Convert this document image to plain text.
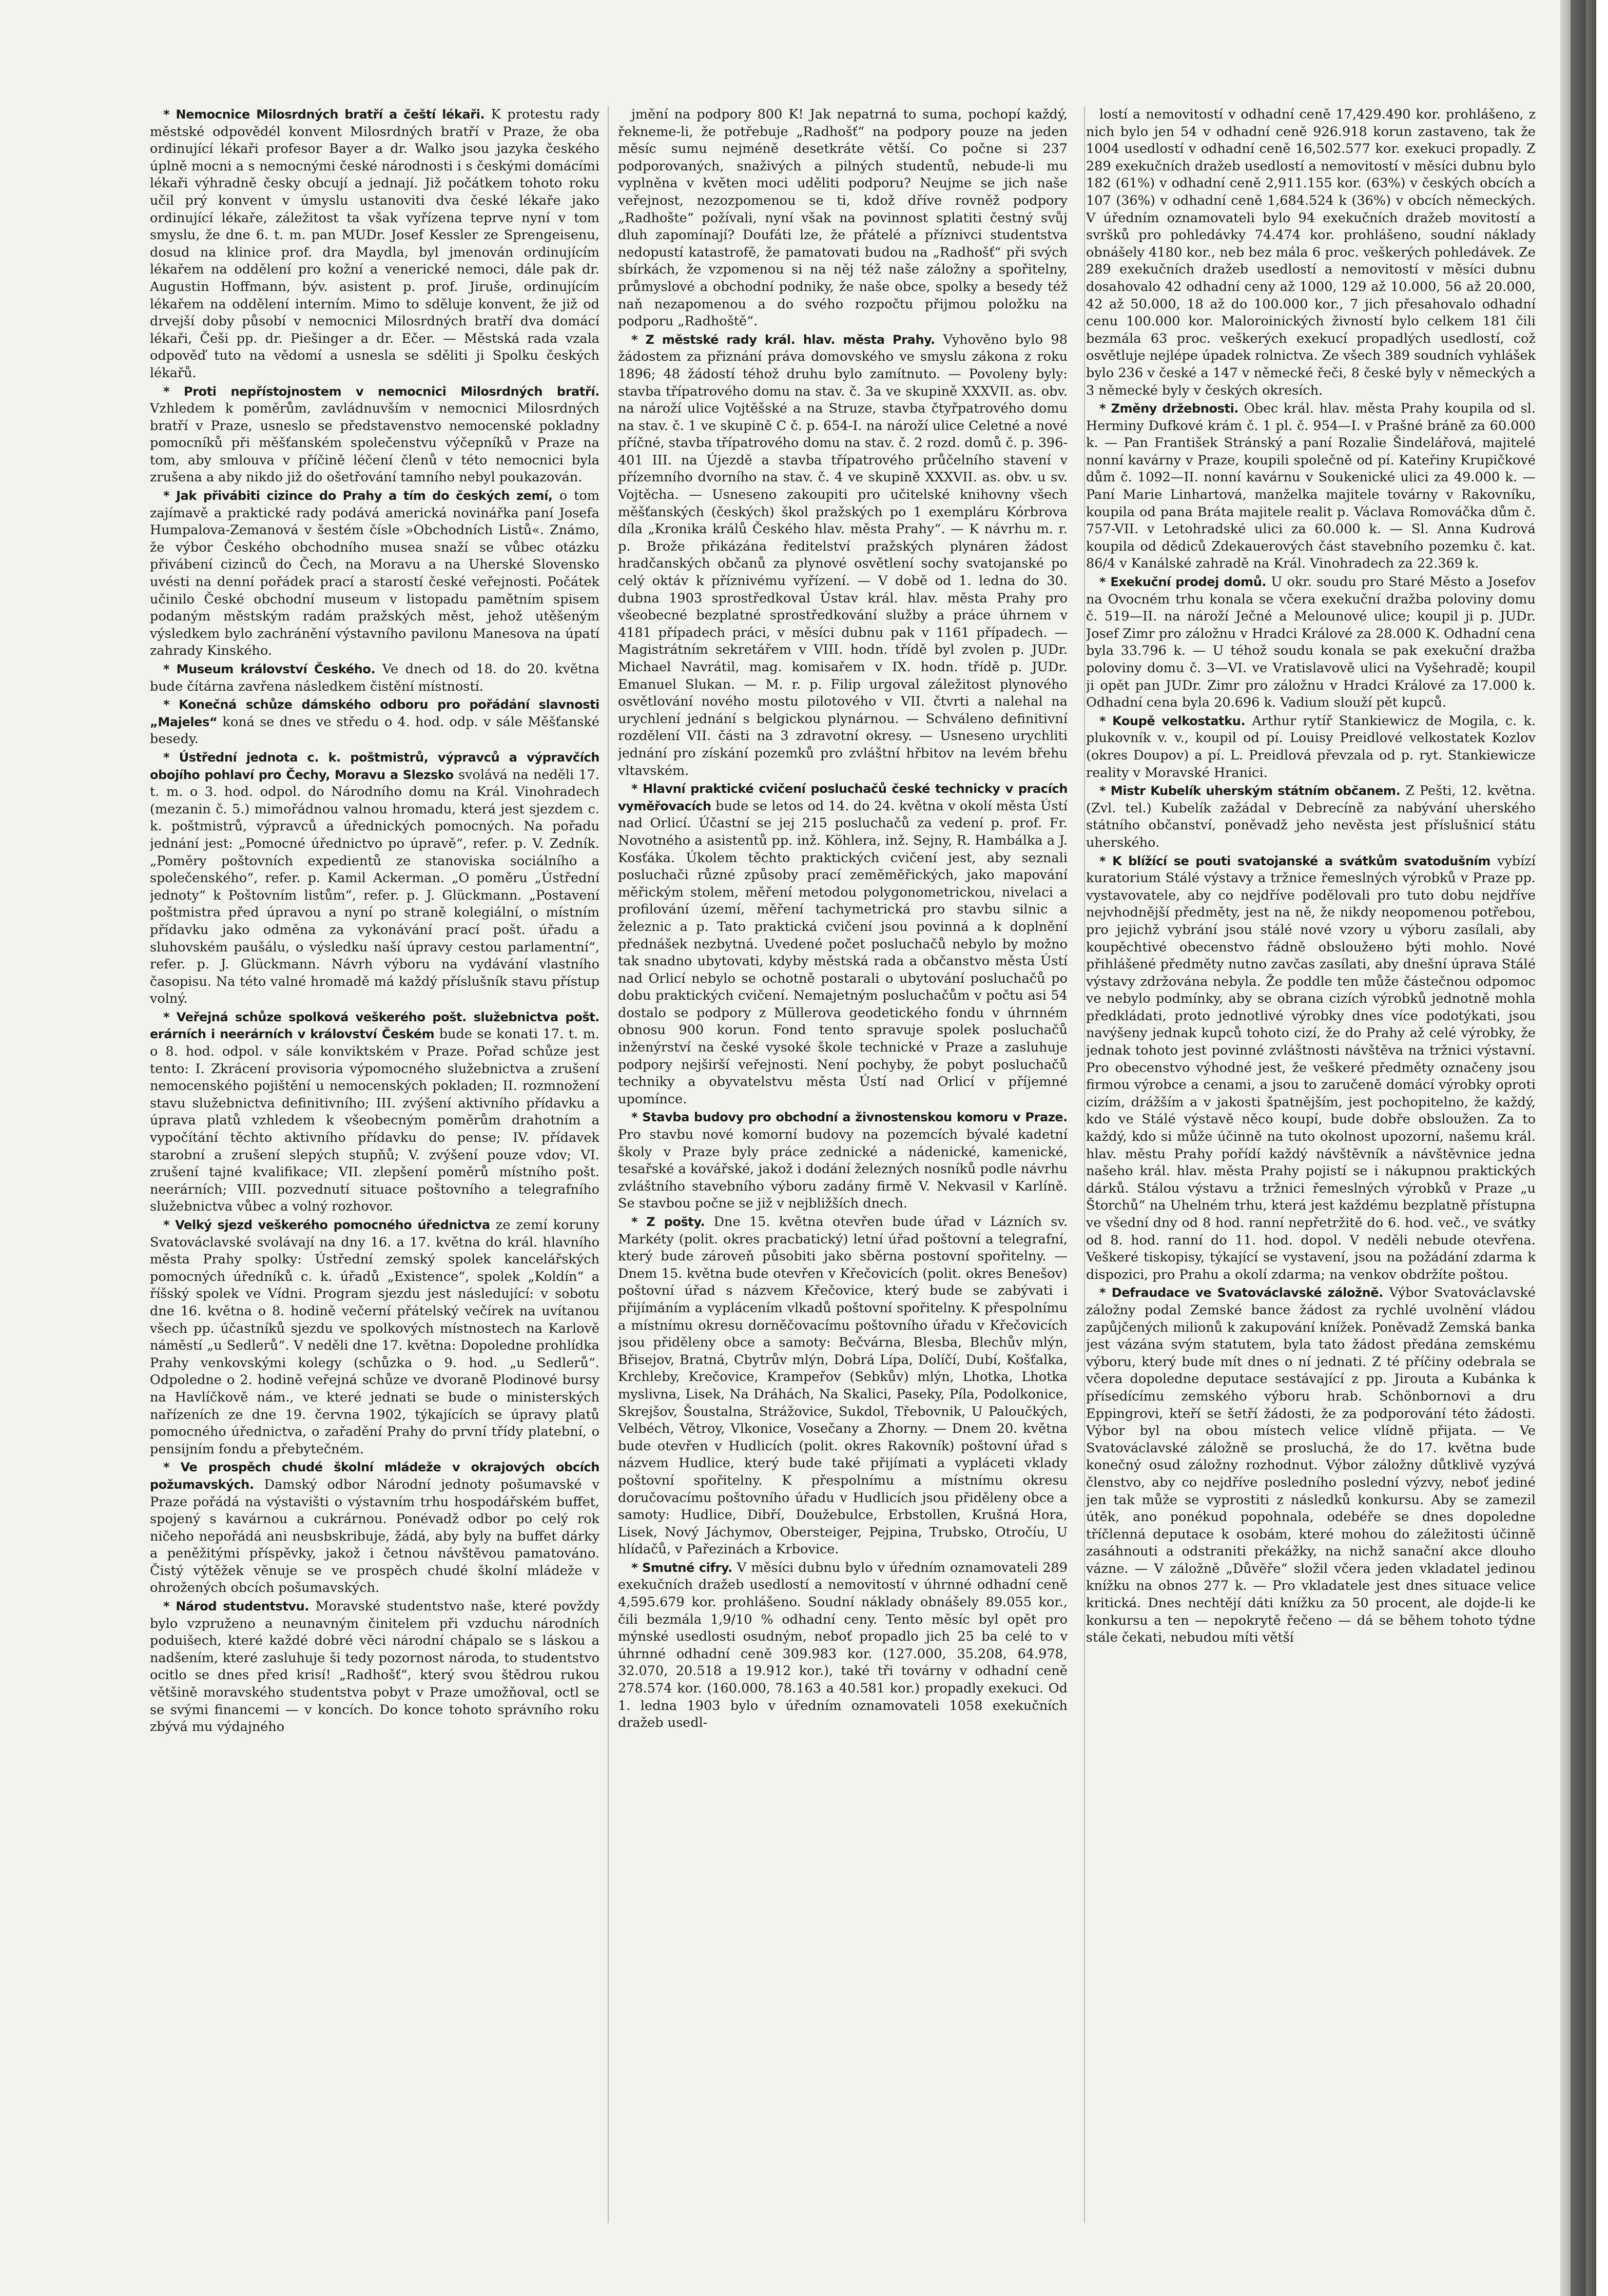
* Nemocnice Milosrdných bratří a čeští lékaři. K protestu rady městské odpovědél konvent Milosrdných bratří v Praze, že oba ordinující lékaři profesor Bayer a dr. Walko jsou jazyka českého úplně mocni a s nemocnými české národnosti i s českými domácími lékaři výhradně česky obcují a jednají. Již počátkem tohoto roku učil prý konvent v úmyslu ustanoviti dva české lékaře jako ordinující lékaře, záležitost ta však vyřízena teprve nyní v tom smyslu, že dne 6. t. m. pan MUDr. Josef Kessler ze Sprengeisenu, dosud na klinice prof. dra Maydla, byl jmenován ordinujícím lékařem na oddělení pro kožní a venerické nemoci, dále pak dr. Augustin Hoffmann, býv. asistent p. prof. Jiruše, ordinujícím lékařem na oddělení interním. Mimo to sděluje konvent, že již od drvejší doby působí v nemocnici Milosrdných bratří dva domácí lékaři, Češi pp. dr. Piešinger a dr. Ečer. — Městská rada vzala odpověď tuto na vědomí a usnesla se sděliti ji Spolku českých lékařů.

* Proti nepřístojnostem v nemocnici Milosrdných bratří. Vzhledem k poměrům, zavládnuvším v nemocnici Milosrdných bratří v Praze, usneslo se představenstvo nemocenské pokladny pomocníků při měšťanském společenstvu výčepníků v Praze na tom, aby smlouva v příčině léčení členů v této nemocnici byla zrušena a aby nikdo již do ošetřování tamního nebyl poukazován.

* Jak přivábiti cizince do Prahy a tím do českých zemí, o tom zajímavě a praktické rady podává americká novinářka paní Josefa Humpalova-Zemanová v šestém čísle »Obchodních Listů«. Známo, že výbor Českého obchodního musea snaží se vůbec otázku přivábení cizinců do Čech, na Moravu a na Uherské Slovensko uvésti na denní pořádek prací a starostí české veřejnosti. Počátek učinilo České obchodní museum v listopadu pamětním spisem podaným městským radám pražských měst, jehož utěšeným výsledkem bylo zachránění výstavního pavilonu Manesova na úpatí zahrady Kinského.

* Museum království Českého. Ve dnech od 18. do 20. května bude čítárna zavřena následkem čistění místností.

* Konečná schůze dámského odboru pro pořádání slavnosti „Majeles“ koná se dnes ve středu o 4. hod. odp. v sále Měšťanské besedy.

* Ústřední jednota c. k. poštmistrů, výpravců a výpravčích obojího pohlaví pro Čechy, Moravu a Slezsko svolává na neděli 17. t. m. o 3. hod. odpol. do Národního domu na Král. Vinohradech (mezanin č. 5.) mimořádnou valnou hromadu, která jest sjezdem c. k. poštmistrů, výpravců a úřednických pomocných. Na pořadu jednání jest: „Pomocné úřednictvo po úpravě“, refer. p. V. Zedník. „Poměry poštovních expedientů ze stanoviska sociálního a společenského“, refer. p. Kamil Ackerman. „O poměru „Ústřední jednoty“ k Poštovním listům“, refer. p. J. Glückmann. „Postavení poštmistra před úpravou a nyní po straně kolegiální, o místním přídavku jako odměna za vykonávání prací pošt. úřadu a sluhovském paušálu, o výsledku naší úpravy cestou parlamentní“, refer. p. J. Glückmann. Návrh výboru na vydávání vlastního časopisu. Na této valné hromadě má každý příslušník stavu přístup volný.

* Veřejná schůze spolková veškerého pošt. služebnictva pošt. erárních i neerárních v království Českém bude se konati 17. t. m. o 8. hod. odpol. v sále konviktském v Praze. Pořad schůze jest tento: I. Zkrácení provisoria výpomocného služebnictva a zrušení nemocenského pojištění u nemocenských pokladen; II. rozmnožení stavu služebnictva definitivního; III. zvýšení aktivního přídavku a úprava platů vzhledem k všeobecným poměrům drahotním a vypočítání těchto aktivního přídavku do pense; IV. přídavek starobní a zrušení slepých stupňů; V. zvýšení pouze vdov; VI. zrušení tajné kvalifikace; VII. zlepšení poměrů místního pošt. neerárních; VIII. pozvednutí situace poštovního a telegrafního služebnictva vůbec a volný rozhovor.

* Velký sjezd veškerého pomocného úřednictva ze zemí koruny Svatováclavské svolávají na dny 16. a 17. května do král. hlavního města Prahy spolky: Ústřední zemský spolek kancelářských pomocných úředníků c. k. úřadů „Existence“, spolek „Koldín“ a říšský spolek ve Vídni. Program sjezdu jest následující: v sobotu dne 16. května o 8. hodině večerní přátelský večírek na uvítanou všech pp. účastníků sjezdu ve spolkových místnostech na Karlově náměstí „u Sedlerů“. V neděli dne 17. května: Dopoledne prohlídka Prahy venkovskými kolegy (schůzka o 9. hod. „u Sedlerů“. Odpoledne o 2. hodině veřejná schůze ve dvoraně Plodinové bursy na Havlíčkově nám., ve které jednati se bude o ministerských nařízeních ze dne 19. června 1902, týkajících se úpravy platů pomocného úřednictva, o zařadění Prahy do první třídy platební, o pensijním fondu a přebytečném.

* Ve prospěch chudé školní mládeže v okrajových obcích požumavských. Damský odbor Národní jednoty pošumavské v Praze pořádá na výstavišti o výstavním trhu hospodářském buffet, spojený s kavárnou a cukrárnou. Ponévadž odbor po celý rok ničeho nepořádá ani neusbskribuje, žádá, aby byly na buffet dárky a peněžitými příspěvky, jakož i četnou návštěvou pamatováno. Čistý výtěžek věnuje se ve prospěch chudé školní mládeže v ohrožených obcích pošumavských.

* Národ studentstvu. Moravské studentstvo naše, které povždy bylo vzpruženo a neunavným činitelem při vzduchu národních poduišech, které každé dobré věci národní chápalo se s láskou a nadšením, které zasluhuje ši tedy pozornost národa, to studentstvo ocitlo se dnes před krisí! „Radhošť“, který svou štědrou rukou většině moravského studentstva pobyt v Praze umožňoval, octl se se svými financemi — v koncích. Do konce tohoto správního roku zbývá mu výdajného

jmění na podpory 800 K! Jak nepatrná to suma, pochopí každý, řekneme-li, že potřebuje „Radhošť“ na podpory pouze na jeden měsíc sumu nejméně desetkráte větší. Co počne si 237 podporovaných, snaživých a pilných studentů, nebude-li mu vyplněna v květen moci uděliti podporu? Neujme se jich naše veřejnost, nezozpomenou se ti, kdož dříve rovněž podpory „Radhošte“ požívali, nyní však na povinnost splatiti čestný svůj dluh zapomínají? Doufáti lze, že přátelé a příznivci studentstva nedopustí katastrofě, že pamatovati budou na „Radhošť“ při svých sbírkách, že vzpomenou si na něj též naše záložny a spořitelny, průmyslové a obchodní podniky, že naše obce, spolky a besedy též naň nezapomenou a do svého rozpočtu přijmou položku na podporu „Radhoště“.

* Z městské rady král. hlav. města Prahy. Vyhověno bylo 98 žádostem za přiznání práva domovského ve smyslu zákona z roku 1896; 48 žádostí téhož druhu bylo zamítnuto. — Povoleny byly: stavba třípatrového domu na stav. č. 3a ve skupině XXXVII. as. obv. na nároží ulice Vojtěšské a na Struze, stavba čtyřpatrového domu na stav. č. 1 ve skupině C č. p. 654-I. na nároží ulice Celetné a nové příčné, stavba třípatrového domu na stav. č. 2 rozd. domů č. p. 396-401 III. na Újezdě a stavba třípatrového průčelního stavení v přízemního dvorního na stav. č. 4 ve skupině XXXVII. as. obv. u sv. Vojtěcha. — Usneseno zakoupiti pro učitelské knihovny všech měšťanských (českých) škol pražských po 1 exempláru Kórbrova díla „Kronika králů Českého hlav. města Prahy“. — K návrhu m. r. p. Brože přikázána ředitelství pražských plynáren žádost hradčanských občanů za plynové osvětlení sochy svatojanské po celý oktáv k příznivému vyřízení. — V době od 1. ledna do 30. dubna 1903 sprostředkoval Ústav král. hlav. města Prahy pro všeobecné bezplatné sprostředkování služby a práce úhrnem v 4181 případech práci, v měsíci dubnu pak v 1161 případech. — Magistrátním sekretářem v VIII. hodn. třídě byl zvolen p. JUDr. Michael Navrátil, mag. komisařem v IX. hodn. třídě p. JUDr. Emanuel Slukan. — M. r. p. Filip urgoval záležitost plynového osvětlování nového mostu pilotového v VII. čtvrti a nalehal na urychlení jednání s belgickou plynárnou. — Schváleno definitivní rozdělení VII. části na 3 zdravotní okresy. — Usneseno urychliti jednání pro získání pozemků pro zvláštní hřbitov na levém břehu vltavském.

* Hlavní praktické cvičení posluchačů české technicky v pracích vyměřovacích bude se letos od 14. do 24. května v okolí města Ústí nad Orlicí. Účastní se jej 215 posluchačů za vedení p. prof. Fr. Novotného a asistentů pp. inž. Köhlera, inž. Sejny, R. Hambálka a J. Kosťáka. Úkolem těchto praktických cvičení jest, aby seznali posluchači různé způsoby prací zeměměřických, jako mapování měřickým stolem, měření metodou polygonometrickou, nivelaci a profilování území, měření tachymetrická pro stavbu silnic a železnic a p. Tato praktická cvičení jsou povinná a k doplnění přednášek nezbytná. Uvedené počet posluchačů nebylo by možno tak snadno ubytovati, kdyby městská rada a občanstvo města Ústí nad Orlicí nebylo se ochotně postarali o ubytování posluchačů po dobu praktických cvičení. Nemajetným posluchačům v počtu asi 54 dostalo se podpory z Müllerova geodetického fondu v úhrnném obnosu 900 korun. Fond tento spravuje spolek posluchačů inženýrství na české vysoké škole technické v Praze a zasluhuje podpory nejširší veřejnosti. Není pochyby, že pobyt posluchačů techniky a obyvatelstvu města Ústí nad Orlicí v příjemné upomínce.

* Stavba budovy pro obchodní a živnostenskou komoru v Praze. Pro stavbu nové komorní budovy na pozemcích bývalé kadetní školy v Praze byly práce zednické a nádenické, kamenické, tesařské a kovářské, jakož i dodání železných nosníků podle návrhu zvláštního stavebního výboru zadány firmě V. Nekvasil v Karlíně. Se stavbou počne se již v nejbližších dnech.

* Z pošty. Dne 15. května otevřen bude úřad v Lázních sv. Markéty (polit. okres pracbatický) letní úřad poštovní a telegrafní, který bude zároveň působiti jako sběrna postovní spořitelny. — Dnem 15. května bude otevřen v Křečovicích (polit. okres Benešov) poštovní úřad s názvem Křečovice, který bude se zabývati i přijímáním a vyplácením vlkadů poštovní spořitelny. K přespolnímu a místnímu okresu dorněčovacímu poštovního úřadu v Křečovicích jsou přiděleny obce a samoty: Bečvárna, Blesba, Blechův mlýn, Břisejov, Bratná, Cbytrův mlýn, Dobrá Lípa, Dolíčí, Dubí, Košťalka, Krchleby, Krečovice, Krampeřov (Sebkův) mlýn, Lhotka, Lhotka myslivna, Lisek, Na Dráhách, Na Skalici, Paseky, Píla, Podolkonice, Skrejšov, Šoustalna, Strážovice, Sukdol, Třebovnik, U Paloučkých, Velbéch, Větroy, Vlkonice, Vosečany a Zhorny. — Dnem 20. května bude otevřen v Hudlicích (polit. okres Rakovník) poštovní úřad s názvem Hudlice, který bude také přijímati a vypláceti vklady poštovní spořitelny. K přespolnímu a místnímu okresu doručovacímu poštovního úřadu v Hudlicích jsou přiděleny obce a samoty: Hudlice, Dibří, Doužebulce, Erbstollen, Krušná Hora, Lisek, Nový Jáchymov, Obersteiger, Pejpina, Trubsko, Otročíu, U hlídačů, v Pařezinách a Krbovice.

* Smutné cifry. V měsíci dubnu bylo v úředním oznamovateli 289 exekučních dražeb usedlostí a nemovitostí v úhrnné odhadní ceně 4,595.679 kor. prohlášeno. Soudní náklady obnášely 89.055 kor., čili bezmála 1,9/10 % odhadní ceny. Tento měsíc byl opět pro mýnské usedlosti osudným, neboť propadlo jich 25 ba celé to v úhrnné odhadní ceně 309.983 kor. (127.000, 35.208, 64.978, 32.070, 20.518 a 19.912 kor.), také tři továrny v odhadní ceně 278.574 kor. (160.000, 78.163 a 40.581 kor.) propadly exekuci. Od 1. ledna 1903 bylo v úředním oznamovateli 1058 exekučních dražeb usedl-

lostí a nemovitostí v odhadní ceně 17,429.490 kor. prohlášeno, z nich bylo jen 54 v odhadní ceně 926.918 korun zastaveno, tak že 1004 usedlostí v odhadní ceně 16,502.577 kor. exekuci propadly. Z 289 exekučních dražeb usedlostí a nemovitostí v měsíci dubnu bylo 182 (61%) v odhadní ceně 2,911.155 kor. (63%) v českých obcích a 107 (36%) v odhadní ceně 1,684.524 k (36%) v obcích německých. V úředním oznamovateli bylo 94 exekučních dražeb movitostí a svršků pro pohledávky 74.474 kor. prohlášeno, soudní náklady obnášely 4180 kor., neb bez mála 6 proc. veškerých pohledávek. Ze 289 exekučních dražeb usedlostí a nemovitostí v měsíci dubnu dosahovalo 42 odhadní ceny až 1000, 129 až 10.000, 56 až 20.000, 42 až 50.000, 18 až do 100.000 kor., 7 jich přesahovalo odhadní cenu 100.000 kor. Maloroinických živností bylo celkem 181 čili bezmála 63 proc. veškerých exekucí propadlých usedlostí, což osvětluje nejlépe úpadek rolnictva. Ze všech 389 soudních vyhlášek bylo 236 v české a 147 v německé řeči, 8 české byly v německých a 3 německé byly v českých okresích.

* Změny držebnosti. Obec král. hlav. města Prahy koupila od sl. Herminy Dufkové krám č. 1 pl. č. 954—I. v Prašné bráně za 60.000 k. — Pan František Stránský a paní Rozalie Šindelářová, majitelé nonní kavárny v Praze, koupili společně od pí. Kateřiny Krupičkové dům č. 1092—II. nonní kavárnu v Soukenické ulici za 49.000 k. — Paní Marie Linhartová, manželka majitele továrny v Rakovníku, koupila od pana Bráta majitele realit p. Václava Romováčka dům č. 757-VII. v Letohradské ulici za 60.000 k. — Sl. Anna Kudrová koupila od dědiců Zdekauerových část stavebního pozemku č. kat. 86/4 v Kanálské zahradě na Král. Vinohradech za 22.369 k.

* Exekuční prodej domů. U okr. soudu pro Staré Město a Josefov na Ovocném trhu konala se včera exekuční dražba poloviny domu č. 519—II. na nároží Ječné a Melounové ulice; koupil ji p. JUDr. Josef Zimr pro záložnu v Hradci Králové za 28.000 K. Odhadní cena byla 33.796 k. — U téhož soudu konala se pak exekuční dražba poloviny domu č. 3—VI. ve Vratislavově ulici na Vyšehradě; koupil ji opět pan JUDr. Zimr pro záložnu v Hradci Králové za 17.000 k. Odhadní cena byla 20.696 k. Vadium slouží pět kupců.

* Koupě velkostatku. Arthur rytíř Stankiewicz de Mogila, c. k. plukovník v. v., koupil od pí. Louisy Preidlové velkostatek Kozlov (okres Doupov) a pí. L. Preidlová převzala od p. ryt. Stankiewicze reality v Moravské Hranici.

* Mistr Kubelík uherským státním občanem. Z Pešti, 12. května. (Zvl. tel.) Kubelík zažádal v Debrecíně za nabývání uherského státního občanství, poněvadž jeho nevěsta jest příslušnicí státu uherského.

* K blížící se pouti svatojanské a svátkům svatodušním vybízí kuratorium Stálé výstavy a tržnice řemeslných výrobků v Praze pp. vystavovatele, aby co nejdříve podělovali pro tuto dobu nejdříve nejvhodnější předměty, jest na ně, že nikdy neopomenou potřebou, pro jejichž vybrání jsou stálé nové vzory u výboru zasílali, aby koupěchtivé obecenstvo řádně obsloužено býti mohlo. Nové přihlášené předměty nutno zavčas zasílati, aby dnešní úprava Stálé výstavy zdržována nebyla. Že poddle ten může částečnou odpomoc ve nebylo podmínky, aby se obrana cizích výrobků jednotně mohla předkládati, proto jednotlivé výrobky dnes více podotýkati, jsou navýšeny jednak kupců tohoto cizí, že do Prahy až celé výrobky, že jednak tohoto jest povinné zvláštnosti návštěva na tržnici výstavní. Pro obecenstvo výhodné jest, že veškeré předměty označeny jsou firmou výrobce a cenami, a jsou to zaručeně domácí výrobky oproti cizím, drážším a v jakosti špatnějším, jest pochopitelno, že každý, kdo ve Stálé výstavě něco koupí, bude dobře obsloužen. Za to každý, kdo si může účinně na tuto okolnost upozorní, našemu král. hlav. městu Prahy pořídí každý návštěvník a návštěvnice jedna našeho král. hlav. města Prahy pojistí se i nákupnou praktických dárků. Stálou výstavu a tržnici řemeslných výrobků v Praze „u Štorchů“ na Uhelném trhu, která jest každému bezplatně přístupna ve všední dny od 8 hod. ranní nepřetržitě do 6. hod. več., ve svátky od 8. hod. ranní do 11. hod. dopol. V neděli nebude otevřena. Veškeré tiskopisy, týkající se vystavení, jsou na požádání zdarma k dispozici, pro Prahu a okolí zdarma; na venkov obdržíte poštou.

* Defraudace ve Svatováclavské záložně. Výbor Svatováclavské záložny podal Zemské bance žádost za rychlé uvolnění vládou zapůjčených milionů k zakupování knížek. Poněvadž Zemská banka jest vázána svým statutem, byla tato žádost předána zemskému výboru, který bude mít dnes o ní jednati. Z té příčiny odebrala se včera dopoledne deputace sestávající z pp. Jirouta a Kubánka k přísedícímu zemského výboru hrab. Schönbornovi a dru Eppingrovi, kteří se šetří žádosti, že za podporování této žádosti. Výbor byl na obou místech velice vlídně přijata. — Ve Svatováclavské záložně se prosluchá, že do 17. května bude konečný osud záložny rozhodnut. Výbor záložny důtklivě vyzývá členstvo, aby co nejdříve posledního poslední výzvy, neboť jediné jen tak může se vyprostiti z následků konkursu. Aby se zamezil útěk, ano ponékud popohnala, odebéře se dnes dopoledne tříčlenná deputace k osobám, které mohou do záležitosti účinně zasáhnouti a odstraniti překážky, na nichž sanační akce dlouho vázne. — V záložně „Důvěře“ složil včera jeden vkladatel jedinou knížku na obnos 277 k. — Pro vkladatele jest dnes situace velice kritická. Dnes nechtějí dáti knížku za 50 procent, ale dojde-li ke konkursu a ten — nepokrytě řečeno — dá se během tohoto týdne stále čekati, nebudou míti větší
